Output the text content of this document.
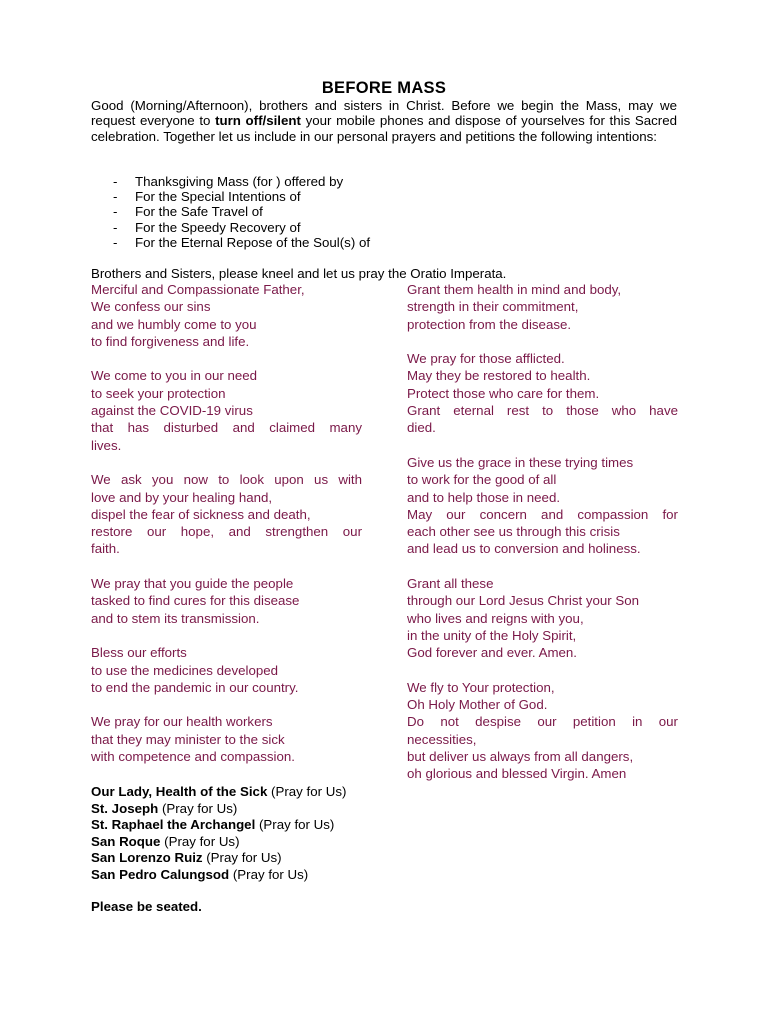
BEFORE MASS

Good (Morning/Afternoon), brothers and sisters in Christ. Before we begin the Mass, may we request everyone to turn off/silent your mobile phones and dispose of yourselves for this Sacred celebration. Together let us include in our personal prayers and petitions the following intentions:

- Thanksgiving Mass (for ) offered by
- For the Special Intentions of
- For the Safe Travel of
- For the Speedy Recovery of
- For the Eternal Repose of the Soul(s) of

Brothers and Sisters, please kneel and let us pray the Oratio Imperata.

Merciful and Compassionate Father,
We confess our sins
and we humbly come to you
to find forgiveness and life.
We come to you in our need
to seek your protection
against the COVID-19 virus
that has disturbed and claimed many
lives.
We ask you now to look upon us with
love and by your healing hand,
dispel the fear of sickness and death,
restore our hope, and strengthen our
faith.
We pray that you guide the people
tasked to find cures for this disease
and to stem its transmission.
Bless our efforts
to use the medicines developed
to end the pandemic in our country.
We pray for our health workers
that they may minister to the sick
with competence and compassion.
Grant them health in mind and body,
strength in their commitment,
protection from the disease.
We pray for those afflicted.
May they be restored to health.
Protect those who care for them.
Grant eternal rest to those who have
died.
Give us the grace in these trying times
to work for the good of all
and to help those in need.
May our concern and compassion for
each other see us through this crisis
and lead us to conversion and holiness.
Grant all these
through our Lord Jesus Christ your Son
who lives and reigns with you,
in the unity of the Holy Spirit,
God forever and ever. Amen.
We fly to Your protection,
Oh Holy Mother of God.
Do not despise our petition in our
necessities,
but deliver us always from all dangers,
oh glorious and blessed Virgin. Amen
Our Lady, Health of the Sick (Pray for Us)
St. Joseph (Pray for Us)
St. Raphael the Archangel (Pray for Us)
San Roque (Pray for Us)
San Lorenzo Ruiz (Pray for Us)
San Pedro Calungsod (Pray for Us)

Please be seated.
